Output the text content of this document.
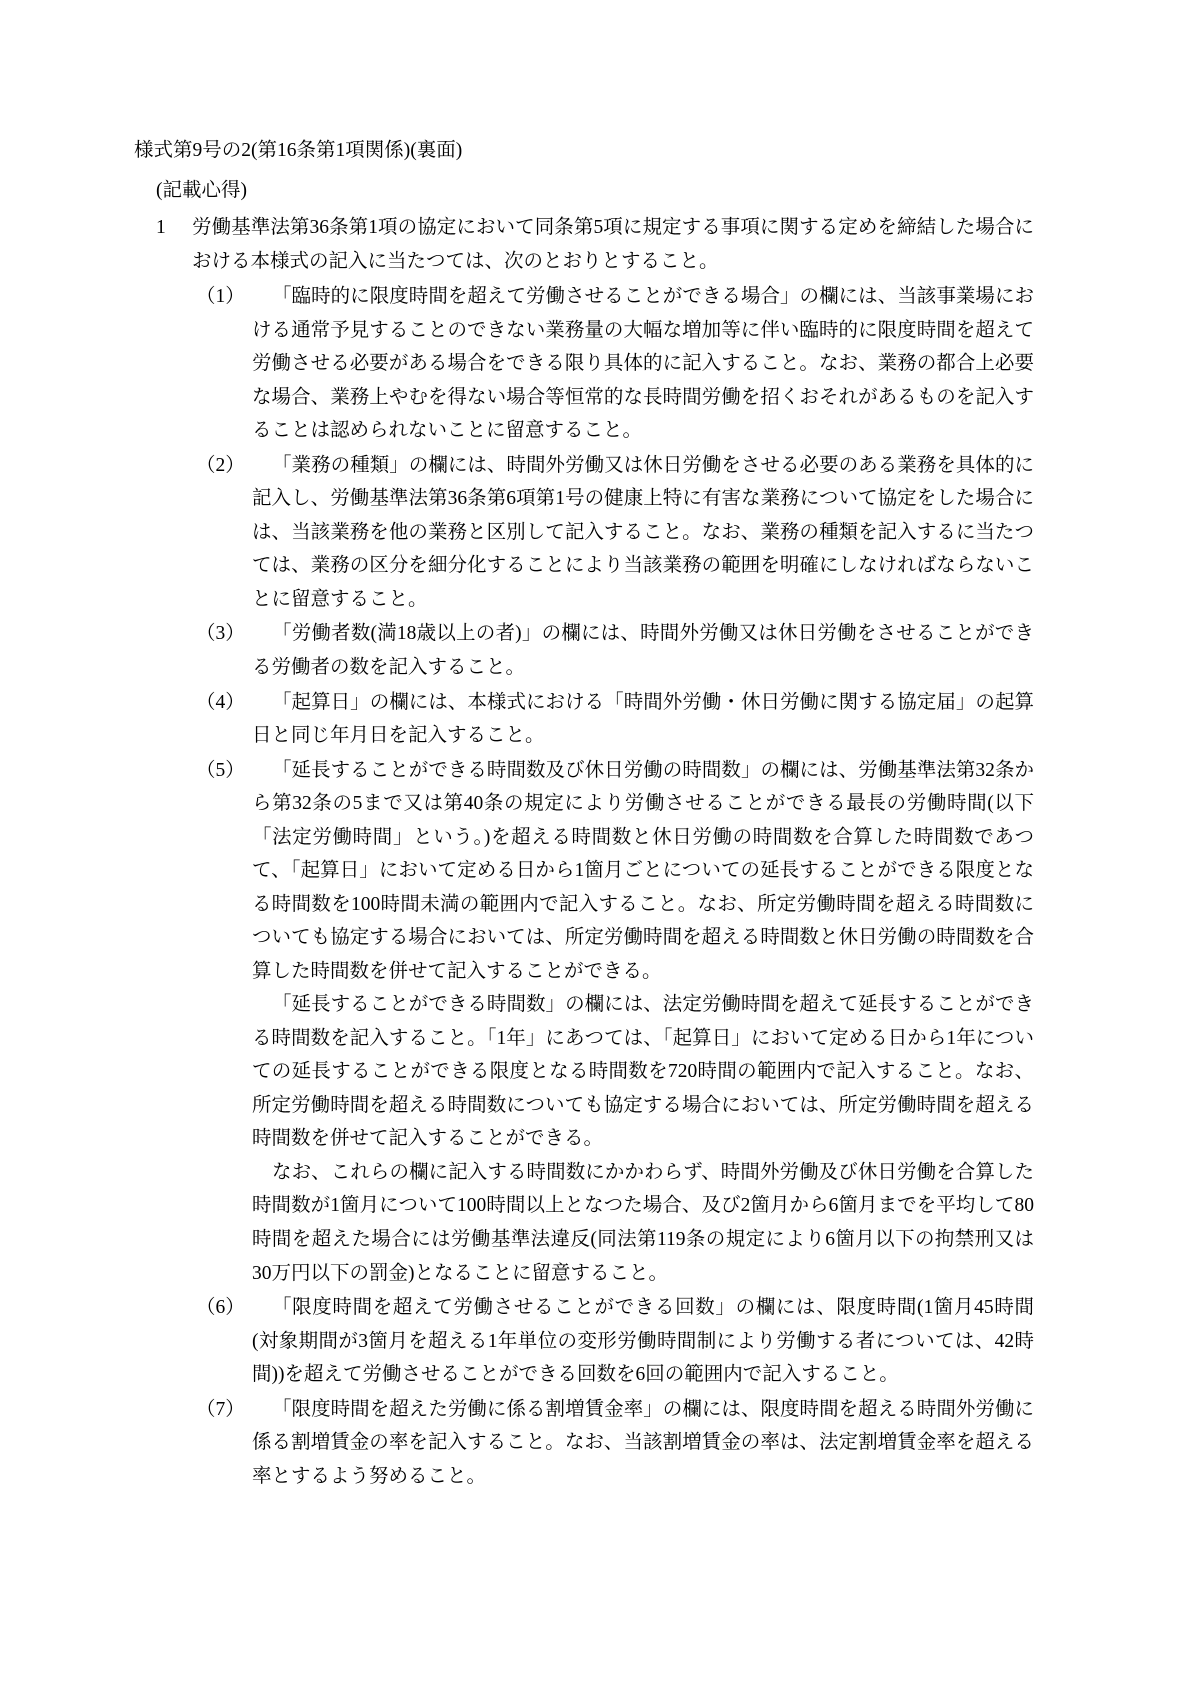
様式第9号の2(第16条第1項関係)(裏面)
(記載心得)
1	労働基準法第36条第1項の協定において同条第5項に規定する事項に関する定めを締結した場合における本様式の記入に当たつては、次のとおりとすること。
（1）	「臨時的に限度時間を超えて労働させることができる場合」の欄には、当該事業場における通常予見することのできない業務量の大幅な増加等に伴い臨時的に限度時間を超えて労働させる必要がある場合をできる限り具体的に記入すること。なお、業務の都合上必要な場合、業務上やむを得ない場合等恒常的な長時間労働を招くおそれがあるものを記入することは認められないことに留意すること。

（2）	「業務の種類」の欄には、時間外労働又は休日労働をさせる必要のある業務を具体的に記入し、労働基準法第36条第6項第1号の健康上特に有害な業務について協定をした場合には、当該業務を他の業務と区別して記入すること。なお、業務の種類を記入するに当たつては、業務の区分を細分化することにより当該業務の範囲を明確にしなければならないことに留意すること。

（3）	「労働者数(満18歳以上の者)」の欄には、時間外労働又は休日労働をさせることができる労働者の数を記入すること。

（4）	「起算日」の欄には、本様式における「時間外労働・休日労働に関する協定届」の起算日と同じ年月日を記入すること。

（5）	「延長することができる時間数及び休日労働の時間数」の欄には、労働基準法第32条から第32条の5まで又は第40条の規定により労働させることができる最長の労働時間(以下「法定労働時間」という。)を超える時間数と休日労働の時間数を合算した時間数であつて、「起算日」において定める日から1箇月ごとについての延長することができる限度となる時間数を100時間未満の範囲内で記入すること。なお、所定労働時間を超える時間数についても協定する場合においては、所定労働時間を超える時間数と休日労働の時間数を合算した時間数を併せて記入することができる。

「延長することができる時間数」の欄には、法定労働時間を超えて延長することができる時間数を記入すること。「1年」にあつては、「起算日」において定める日から1年についての延長することができる限度となる時間数を720時間の範囲内で記入すること。なお、所定労働時間を超える時間数についても協定する場合においては、所定労働時間を超える時間数を併せて記入することができる。

なお、これらの欄に記入する時間数にかかわらず、時間外労働及び休日労働を合算した時間数が1箇月について100時間以上となつた場合、及び2箇月から6箇月までを平均して80時間を超えた場合には労働基準法違反(同法第119条の規定により6箇月以下の拘禁刑又は30万円以下の罰金)となることに留意すること。

（6）	「限度時間を超えて労働させることができる回数」の欄には、限度時間(1箇月45時間(対象期間が3箇月を超える1年単位の変形労働時間制により労働する者については、42時間))を超えて労働させることができる回数を6回の範囲内で記入すること。

（7）	「限度時間を超えた労働に係る割増賃金率」の欄には、限度時間を超える時間外労働に係る割増賃金の率を記入すること。なお、当該割増賃金の率は、法定割増賃金率を超える率とするよう努めること。
